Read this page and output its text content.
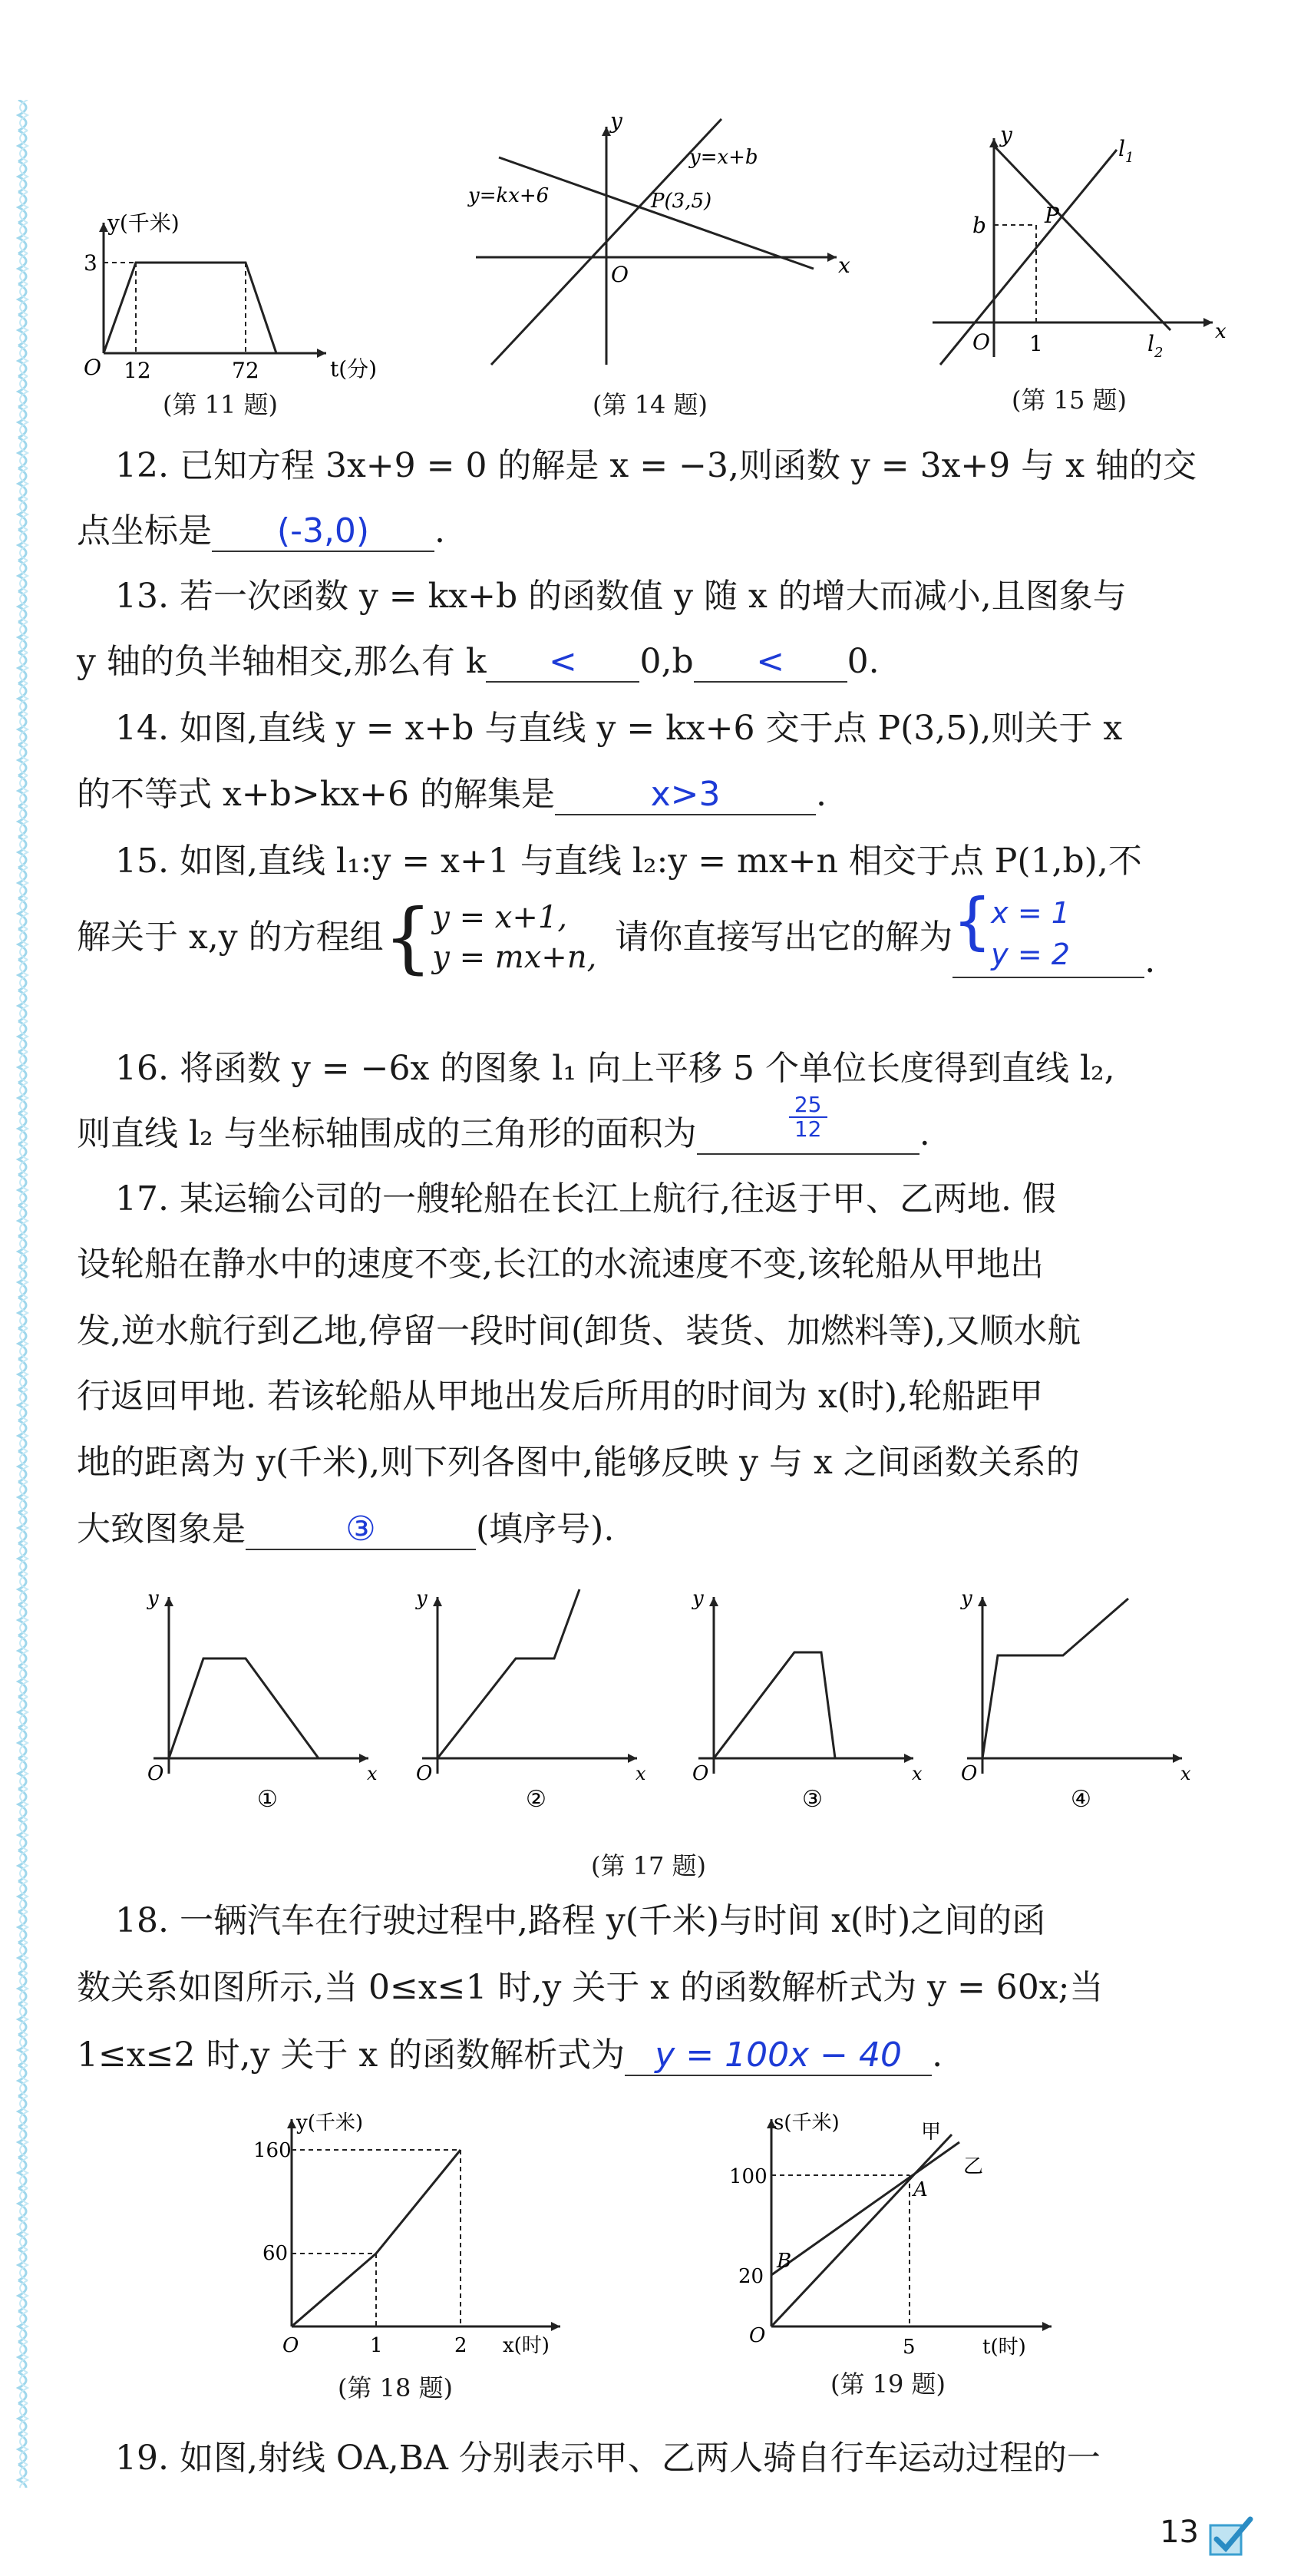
y(千米)
3
O 12	72	t(分)
(第 11 题)
y
x
O
y=x+b
y=kx+6	P(3,5)
(第 14 题)
y
x
O
b
1
P
$l_1$
$l_2$
(第 15 题)
12. 已知方程 3x+9 = 0 的解是 x = −3,则函数 y = 3x+9 与 x 轴的交
点坐标是 (-3,0) .
13. 若一次函数 y = kx+b 的函数值 y 随 x 的增大而减小,且图象与
y 轴的负半轴相交,那么有 k < 0,b < 0.
14. 如图,直线 y = x+b 与直线 y = kx+6 交于点 P(3,5),则关于 x
的不等式 x+b>kx+6 的解集是	x>3	.
15. 如图,直线 l₁:y = x+1 与直线 l₂:y = mx+n 相交于点 P(1,b),不
解关于 x,y 的方程组{y = x+1,
y = mx+n, 请你直接写出它的解为 { x = 1
y = 2 .
16. 将函数 y = −6x 的图象 l₁ 向上平移 5 个单位长度得到直线 l₂,
则直线 l₂ 与坐标轴围成的三角形的面积为
25

12	.
17. 某运输公司的一艘轮船在长江上航行,往返于甲、乙两地. 假
设轮船在静水中的速度不变,长江的水流速度不变,该轮船从甲地出
发,逆水航行到乙地,停留一段时间(卸货、装货、加燃料等),又顺水航
行返回甲地. 若该轮船从甲地出发后所用的时间为 x(时),轮船距甲
地的距离为 y(千米),则下列各图中,能够反映 y 与 x 之间函数关系的
大致图象是	③	(填序号).
y
O	x
y
O	x
y
O	x
y
O	x
①	②	③	④
(第 17 题)
18. 一辆汽车在行驶过程中,路程 y(千米)与时间 x(时)之间的函
数关系如图所示,当 0≤x≤1 时,y 关于 x 的函数解析式为 y = 60x;当
1≤x≤2 时,y 关于 x 的函数解析式为 y = 100x − 40 .
y(千米)
160
60
O	1	2 x(时)
(第 18 题)
s(千米)
100
20
B
O	5	t(时)
A
甲
乙
(第 19 题)
19. 如图,射线 OA,BA 分别表示甲、乙两人骑自行车运动过程的一
13
